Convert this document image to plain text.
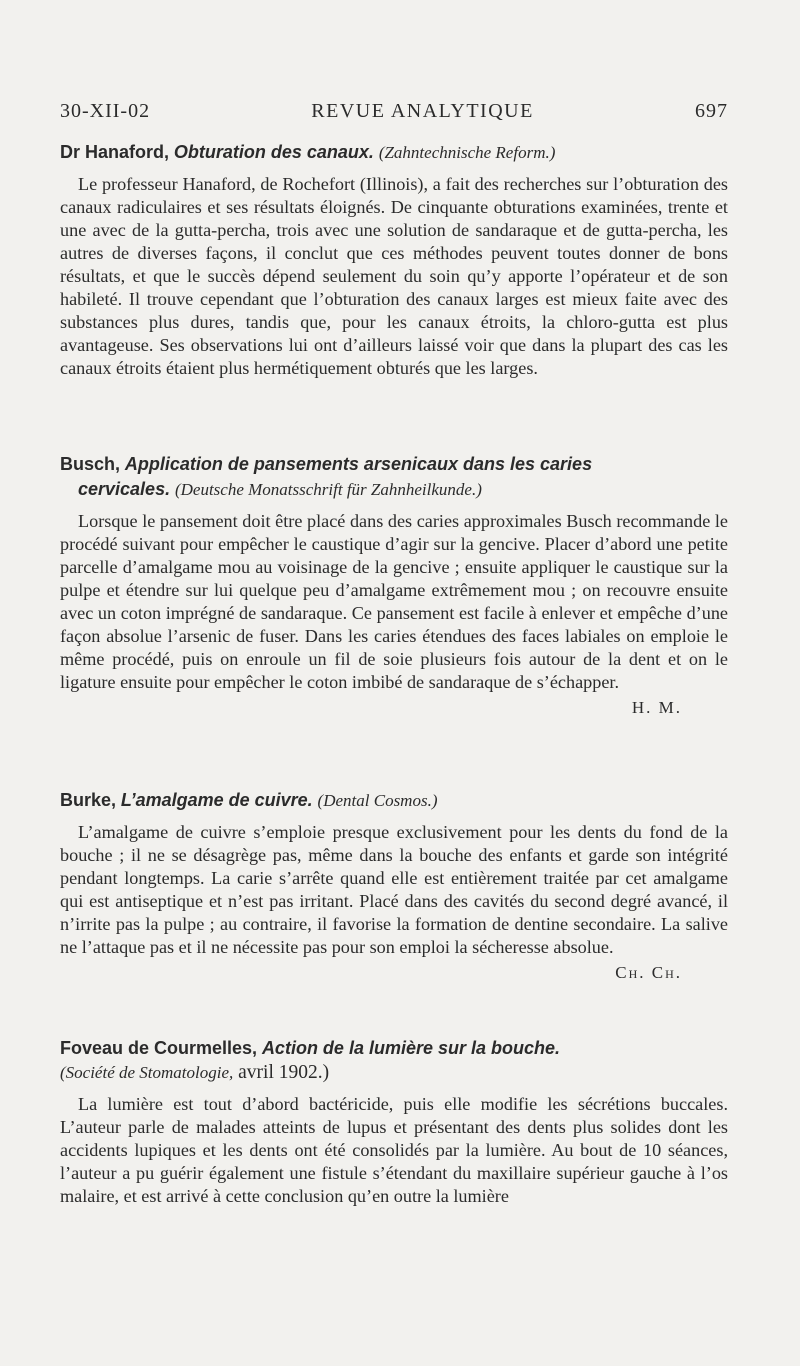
30-XII-02	REVUE ANALYTIQUE	697

Dr Hanaford, Obturation des canaux. (Zahntechnische Reform.)

Le professeur Hanaford, de Rochefort (Illinois), a fait des recherches sur l’obturation des canaux radiculaires et ses résultats éloignés. De cinquante obturations examinées, trente et une avec de la gutta-percha, trois avec une solution de sandaraque et de gutta-percha, les autres de diverses façons, il conclut que ces méthodes peuvent toutes donner de bons résultats, et que le succès dépend seulement du soin qu’y apporte l’opérateur et de son habileté. Il trouve cependant que l’obturation des canaux larges est mieux faite avec des substances plus dures, tandis que, pour les canaux étroits, la chloro-gutta est plus avantageuse. Ses observations lui ont d’ailleurs laissé voir que dans la plupart des cas les canaux étroits étaient plus hermétiquement obturés que les larges.

Busch, Application de pansements arsenicaux dans les caries
cervicales. (Deutsche Monatsschrift für Zahnheilkunde.)

Lorsque le pansement doit être placé dans des caries approximales Busch recommande le procédé suivant pour empêcher le caustique d’agir sur la gencive. Placer d’abord une petite parcelle d’amalgame mou au voisinage de la gencive ; ensuite appliquer le caustique sur la pulpe et étendre sur lui quelque peu d’amalgame extrêmement mou ; on recouvre ensuite avec un coton imprégné de sandaraque. Ce pansement est facile à enlever et empêche d’une façon absolue l’arsenic de fuser. Dans les caries étendues des faces labiales on emploie le même procédé, puis on enroule un fil de soie plusieurs fois autour de la dent et on le ligature ensuite pour empêcher le coton imbibé de sandaraque de s’échapper.

H. M.

Burke, L’amalgame de cuivre. (Dental Cosmos.)

L’amalgame de cuivre s’emploie presque exclusivement pour les dents du fond de la bouche ; il ne se désagrège pas, même dans la bouche des enfants et garde son intégrité pendant longtemps. La carie s’arrête quand elle est entièrement traitée par cet amalgame qui est antiseptique et n’est pas irritant. Placé dans des cavités du second degré avancé, il n’irrite pas la pulpe ; au contraire, il favorise la formation de dentine secondaire. La salive ne l’attaque pas et il ne nécessite pas pour son emploi la sécheresse absolue.

Ch. Ch.

Foveau de Courmelles, Action de la lumière sur la bouche.
(Société de Stomatologie, avril 1902.)

La lumière est tout d’abord bactéricide, puis elle modifie les sécrétions buccales. L’auteur parle de malades atteints de lupus et présentant des dents plus solides dont les accidents lupiques et les dents ont été consolidés par la lumière. Au bout de 10 séances, l’auteur a pu guérir également une fistule s’étendant du maxillaire supérieur gauche à l’os malaire, et est arrivé à cette conclusion qu’en outre la lumière
